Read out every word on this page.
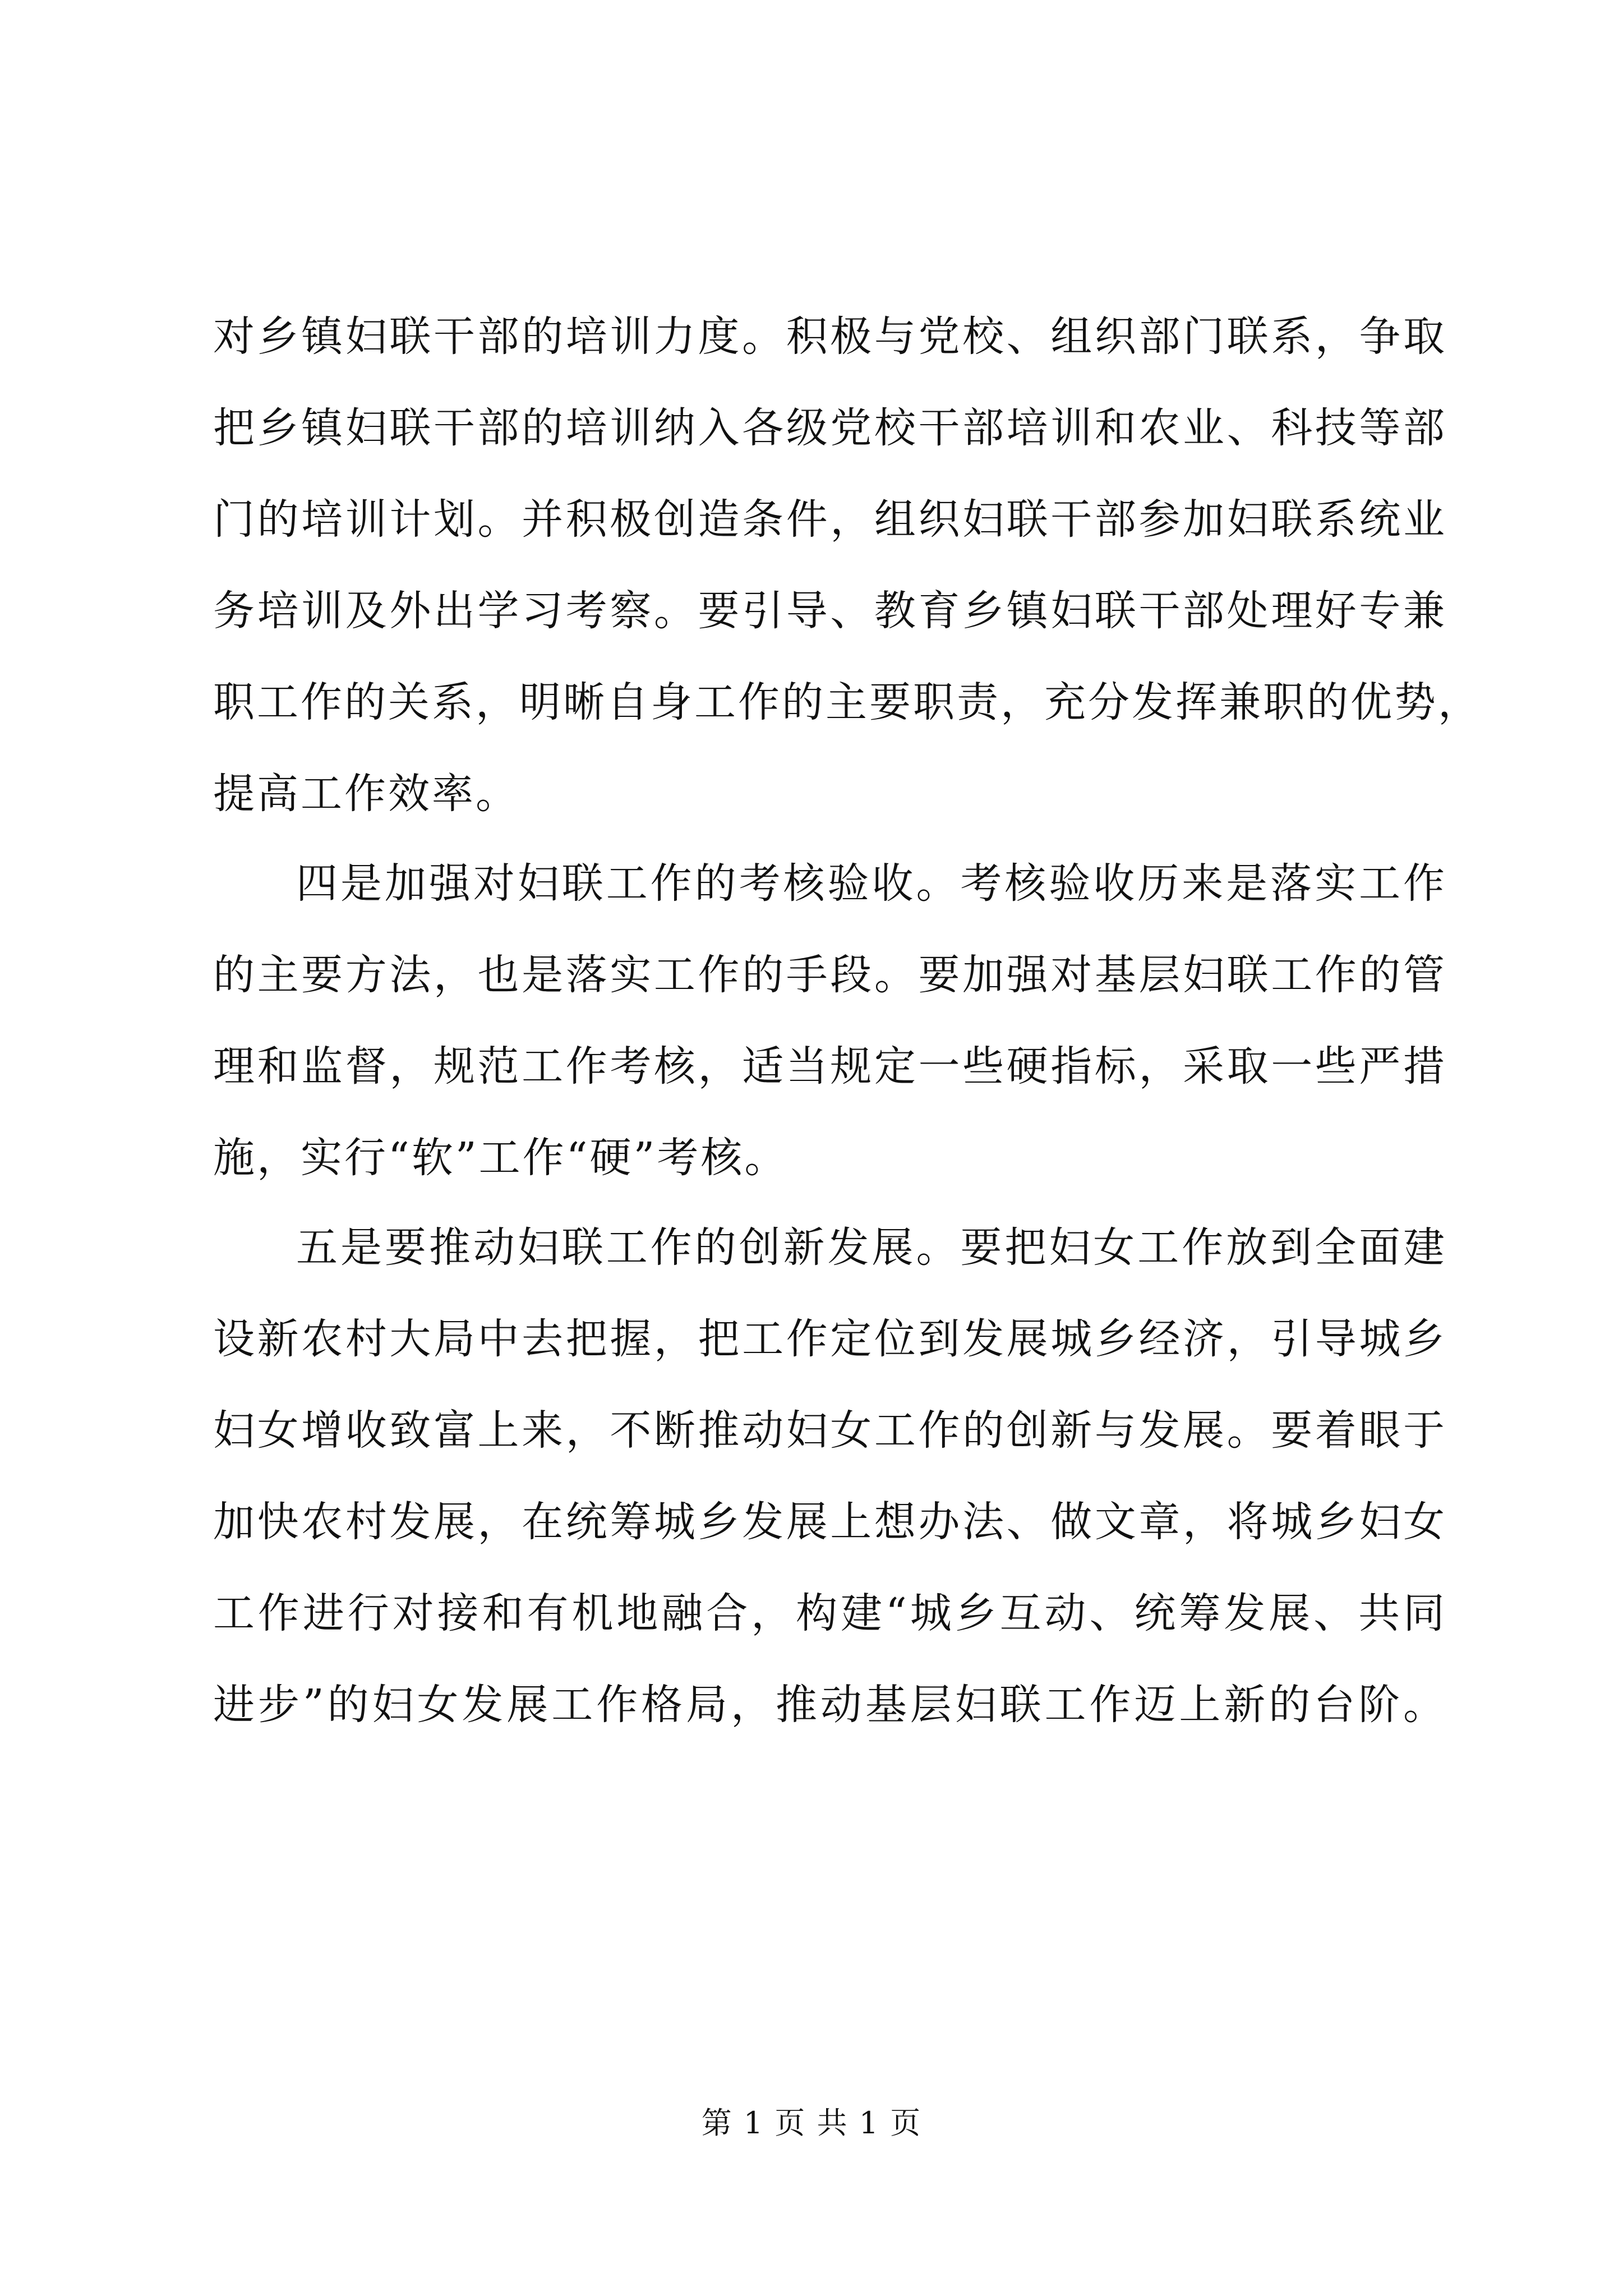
对乡镇妇联干部的培训力度。积极与党校、组织部门联系，争取
把乡镇妇联干部的培训纳入各级党校干部培训和农业、科技等部
门的培训计划。并积极创造条件，组织妇联干部参加妇联系统业
务培训及外出学习考察。要引导、教育乡镇妇联干部处理好专兼
职工作的关系，明晰自身工作的主要职责，充分发挥兼职的优势，
提高工作效率。
四是加强对妇联工作的考核验收。考核验收历来是落实工作
的主要方法，也是落实工作的手段。要加强对基层妇联工作的管
理和监督，规范工作考核，适当规定一些硬指标，采取一些严措
施，实行“软”工作“硬”考核。
五是要推动妇联工作的创新发展。要把妇女工作放到全面建
设新农村大局中去把握，把工作定位到发展城乡经济，引导城乡
妇女增收致富上来，不断推动妇女工作的创新与发展。要着眼于
加快农村发展，在统筹城乡发展上想办法、做文章，将城乡妇女
工作进行对接和有机地融合，构建“城乡互动、统筹发展、共同
进步”的妇女发展工作格局，推动基层妇联工作迈上新的台阶。
第 1 页 共 1 页
